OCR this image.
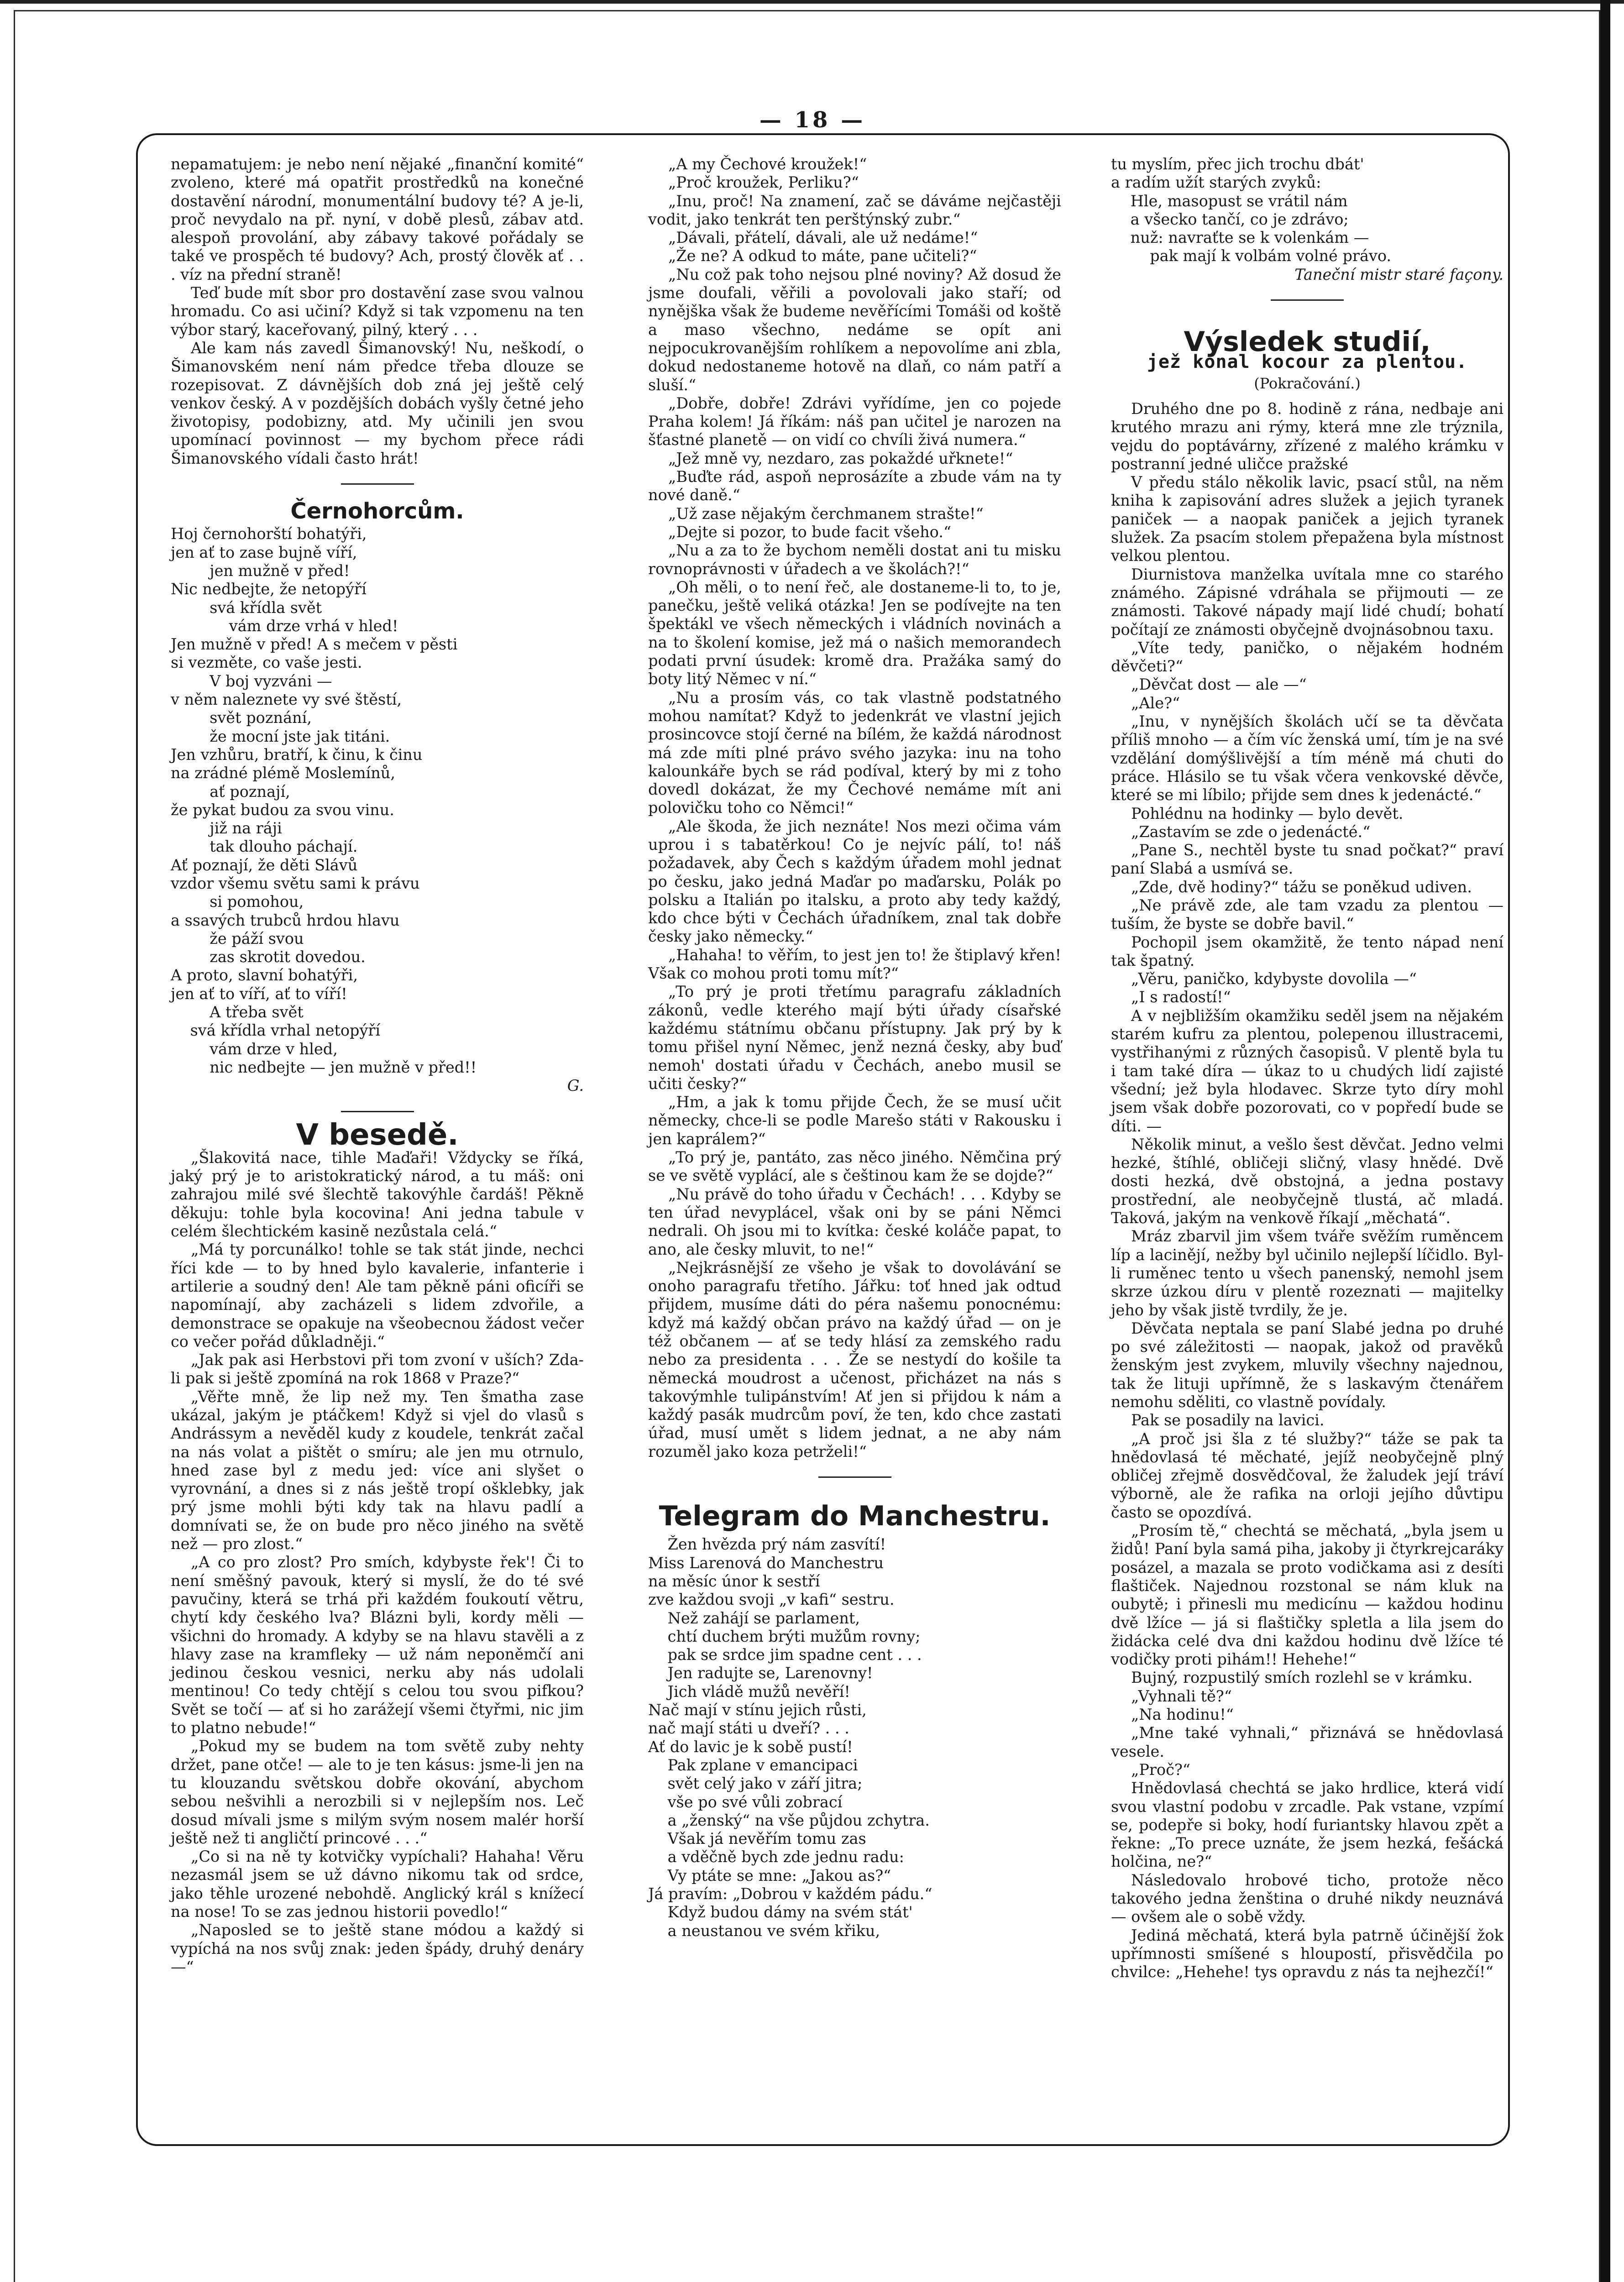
— 18 —

nepamatujem: je nebo není nějaké „finanční komité“ zvoleno, které má opatřit prostředků na konečné dostavění národní, monumentální budovy té? A je-li, proč nevydalo na př. nyní, v době plesů, zábav atd. alespoň provolání, aby zábavy takové pořádaly se také ve prospěch té budovy? Ach, prostý člověk ať . . . víz na přední straně!

Teď bude mít sbor pro dostavění zase svou valnou hromadu. Co asi učiní? Když si tak vzpomenu na ten výbor starý, kaceřovaný, pilný, který . . .

Ale kam nás zavedl Šimanovský! Nu, neškodí, o Šimanovském není nám předce třeba dlouze se rozepisovat. Z dávnějších dob zná jej ještě celý venkov český. A v pozdějších dobách vyšly četné jeho životopisy, podobizny, atd. My učinili jen svou upomínací povinnost — my bychom přece rádi Šimanovského vídali často hrát!

Černohorcům.
Hoj černohorští bohatýři,
jen ať to zase bujně víří,
jen mužně v před!
Nic nedbejte, že netopýří
svá křídla svět
vám drze vrhá v hled!
Jen mužně v před! A s mečem v pěsti
si vezměte, co vaše jesti.
V boj vyzváni —
v něm naleznete vy své štěstí,
svět poznání,
že mocní jste jak titáni.
Jen vzhůru, bratří, k činu, k činu
na zrádné plémě Moslemínů,
ať poznají,
že pykat budou za svou vinu.
již na ráji
tak dlouho páchají.
Ať poznají, že děti Slávů
vzdor všemu světu sami k právu
si pomohou,
a ssavých trubců hrdou hlavu
že páží svou
zas skrotit dovedou.
A proto, slavní bohatýři,
jen ať to víří, ať to víří!
A třeba svět
svá křídla vrhal netopýří
vám drze v hled,
nic nedbejte — jen mužně v před!!
G.
V besedě.

„Šlakovitá nace, tihle Maďaři! Vždycky se říká, jaký prý je to aristokratický národ, a tu máš: oni zahrajou milé své šlechtě takovýhle čardáš! Pěkně děkuju: tohle byla kocovina! Ani jedna tabule v celém šlechtickém kasině nezůstala celá.“

„Má ty porcunálko! tohle se tak stát jinde, nechci říci kde — to by hned bylo kavalerie, infanterie i artilerie a soudný den! Ale tam pěkně páni oficíři se napomínají, aby zacházeli s lidem zdvořile, a demonstrace se opakuje na všeobecnou žádost večer co večer pořád důkladněji.“

„Jak pak asi Herbstovi při tom zvoní v uších? Zda-li pak si ještě zpomíná na rok 1868 v Praze?“

„Věřte mně, že lip než my. Ten šmatha zase ukázal, jakým je ptáčkem! Když si vjel do vlasů s Andrássym a nevěděl kudy z koudele, tenkrát začal na nás volat a pištět o smíru; ale jen mu otrnulo, hned zase byl z medu jed: více ani slyšet o vyrovnání, a dnes si z nás ještě tropí ošklebky, jak prý jsme mohli býti kdy tak na hlavu padlí a domnívati se, že on bude pro něco jiného na světě než — pro zlost.“

„A co pro zlost? Pro smích, kdybyste řek'! Či to není směšný pavouk, který si myslí, že do té své pavučiny, která se trhá při každém foukoutí větru, chytí kdy českého lva? Blázni byli, kordy měli — všichni do hromady. A kdyby se na hlavu stavěli a z hlavy zase na kramfleky — už nám neponěmčí ani jedinou českou vesnici, nerku aby nás udolali mentinou! Co tedy chtějí s celou tou svou pifkou? Svět se točí — ať si ho zarážejí všemi čtyřmi, nic jim to platno nebude!“

„Pokud my se budem na tom světě zuby nehty držet, pane otče! — ale to je ten kásus: jsme-li jen na tu klouzandu světskou dobře okování, abychom sebou nešvihli a nerozbili si v nejlepším nos. Leč dosud mívali jsme s milým svým nosem malér horší ještě než ti angličtí princové . . .“

„Co si na ně ty kotvičky vypíchali? Hahaha! Věru nezasmál jsem se už dávno nikomu tak od srdce, jako těhle urozené nebohdě. Anglický král s knížecí na nose! To se zas jednou historii povedlo!“

„Naposled se to ještě stane módou a každý si vypíchá na nos svůj znak: jeden špády, druhý denáry —“

„A my Čechové kroužek!“

„Proč kroužek, Perliku?“

„Inu, proč! Na znamení, zač se dáváme nejčastěji vodit, jako tenkrát ten perštýnský zubr.“

„Dávali, přátelí, dávali, ale už nedáme!“

„Že ne? A odkud to máte, pane učiteli?“

„Nu což pak toho nejsou plné noviny? Až dosud že jsme doufali, věřili a povolovali jako staří; od nynějška však že budeme nevěřícími Tomáši od koště a maso všechno, nedáme se opít ani nejpocukrovanějším rohlíkem a nepovolíme ani zbla, dokud nedostaneme hotově na dlaň, co nám patří a sluší.“

„Dobře, dobře! Zdrávi vyřídíme, jen co pojede Praha kolem! Já říkám: náš pan učitel je narozen na šťastné planetě — on vidí co chvíli živá numera.“

„Jež mně vy, nezdaro, zas pokaždé uřknete!“

„Buďte rád, aspoň neprosázíte a zbude vám na ty nové daně.“

„Už zase nějakým čerchmanem strašte!“

„Dejte si pozor, to bude facit všeho.“

„Nu a za to že bychom neměli dostat ani tu misku rovnoprávnosti v úřadech a ve školách?!“

„Oh měli, o to není řeč, ale dostaneme-li to, to je, panečku, ještě veliká otázka! Jen se podívejte na ten špektákl ve všech německých i vládních novinách a na to školení komise, jež má o našich memorandech podati první úsudek: kromě dra. Pražáka samý do boty litý Němec v ní.“

„Nu a prosím vás, co tak vlastně podstatného mohou namítat? Když to jedenkrát ve vlastní jejich prosincovce stojí černé na bílém, že každá národnost má zde míti plné právo svého jazyka: inu na toho kalounkáře bych se rád podíval, který by mi z toho dovedl dokázat, že my Čechové nemáme mít ani polovičku toho co Němci!“

„Ale škoda, že jich neznáte! Nos mezi očima vám uprou i s tabatěrkou! Co je nejvíc pálí, to! náš požadavek, aby Čech s každým úřadem mohl jednat po česku, jako jedná Maďar po maďarsku, Polák po polsku a Italián po italsku, a proto aby tedy každý, kdo chce býti v Čechách úřadníkem, znal tak dobře česky jako německy.“

„Hahaha! to věřím, to jest jen to! že štiplavý křen! Však co mohou proti tomu mít?“

„To prý je proti třetímu paragrafu základních zákonů, vedle kterého mají býti úřady císařské každému státnímu občanu přístupny. Jak prý by k tomu přišel nyní Němec, jenž nezná česky, aby buď nemoh' dostati úřadu v Čechách, anebo musil se učiti česky?“

„Hm, a jak k tomu přijde Čech, že se musí učit německy, chce-li se podle Marešo státi v Rakousku i jen kaprálem?“

„To prý je, pantáto, zas něco jiného. Němčina prý se ve světě vyplácí, ale s češtinou kam že se dojde?“

„Nu právě do toho úřadu v Čechách! . . . Kdyby se ten úřad nevyplácel, však oni by se páni Němci nedrali. Oh jsou mi to kvítka: české koláče papat, to ano, ale česky mluvit, to ne!“

„Nejkrásnější ze všeho je však to dovolávání se onoho paragrafu třetího. Jářku: toť hned jak odtud přijdem, musíme dáti do péra našemu ponocnému: když má každý občan právo na každý úřad — on je též občanem — ať se tedy hlásí za zemského radu nebo za presidenta . . . Že se nestydí do košile ta německá moudrost a učenost, přicházet na nás s takovýmhle tulipánstvím! Ať jen si přijdou k nám a každý pasák mudrcům poví, že ten, kdo chce zastati úřad, musí umět s lidem jednat, a ne aby nám rozuměl jako koza petrželi!“

Telegram do Manchestru.
Žen hvězda prý nám zasvítí!
Miss Larenová do Manchestru
na měsíc únor k sestří
zve každou svoji „v kafi“ sestru.
Než zahájí se parlament,
chtí duchem brýti mužům rovny;
pak se srdce jim spadne cent . . .
Jen radujte se, Larenovny!
Jich vládě mužů nevěří!
Nač mají v stínu jejich růsti,
nač mají státi u dveří? . . .
Ať do lavic je k sobě pustí!
Pak zplane v emancipaci
svět celý jako v září jitra;
vše po své vůli zobrací
a „ženský“ na vše půjdou zchytra.
Však já nevěřím tomu zas
a vděčně bych zde jednu radu:
Vy ptáte se mne: „Jakou as?“
Já pravím: „Dobrou v každém pádu.“
Když budou dámy na svém stát'
a neustanou ve svém křiku,
tu myslím, přec jich trochu dbát'
a radím užít starých zvyků:
Hle, masopust se vrátil nám
a všecko tančí, co je zdrávo;
nuž: navraťte se k volenkám —
pak mají k volbám volné právo.
Taneční mistr staré façony.
Výsledek studií,
jež konal kocour za plentou.
(Pokračování.)

Druhého dne po 8. hodině z rána, nedbaje ani krutého mrazu ani rýmy, která mne zle trýznila, vejdu do poptávárny, zřízené z malého krámku v postranní jedné uličce pražské

V předu stálo několik lavic, psací stůl, na něm kniha k zapisování adres služek a jejich tyranek paniček — a naopak paniček a jejich tyranek služek. Za psacím stolem přepažena byla místnost velkou plentou.

Diurnistova manželka uvítala mne co starého známého. Zápisné vdráhala se přijmouti — ze známosti. Takové nápady mají lidé chudí; bohatí počítají ze známosti obyčejně dvojnásobnou taxu.

„Víte tedy, paničko, o nějakém hodném děvčeti?“

„Děvčat dost — ale —“

„Ale?“

„Inu, v nynějších školách učí se ta děvčata příliš mnoho — a čím víc ženská umí, tím je na své vzdělání domýšlivější a tím méně má chuti do práce. Hlásilo se tu však včera venkovské děvče, které se mi líbilo; přijde sem dnes k jedenácté.“

Pohlédnu na hodinky — bylo devět.

„Zastavím se zde o jedenácté.“

„Pane S., nechtěl byste tu snad počkat?“ praví paní Slabá a usmívá se.

„Zde, dvě hodiny?“ tážu se poněkud udiven.

„Ne právě zde, ale tam vzadu za plentou — tuším, že byste se dobře bavil.“

Pochopil jsem okamžitě, že tento nápad není tak špatný.

„Věru, paničko, kdybyste dovolila —“

„I s radostí!“

A v nejbližším okamžiku seděl jsem na nějakém starém kufru za plentou, polepenou illustracemi, vystřihanými z různých časopisů. V plentě byla tu i tam také díra — úkaz to u chudých lidí zajisté všední; jež byla hlodavec. Skrze tyto díry mohl jsem však dobře pozorovati, co v popředí bude se díti. —

Několik minut, a vešlo šest děvčat. Jedno velmi hezké, štíhlé, obličeji sličný, vlasy hnědé. Dvě dosti hezká, dvě obstojná, a jedna postavy prostřední, ale neobyčejně tlustá, ač mladá. Taková, jakým na venkově říkají „měchatá“.

Mráz zbarvil jim všem tváře svěžím ruměncem líp a lacinějí, nežby byl učinilo nejlepší líčidlo. Byl-li ruměnec tento u všech panenský, nemohl jsem skrze úzkou díru v plentě rozeznati — majitelky jeho by však jistě tvrdily, že je.

Děvčata neptala se paní Slabé jedna po druhé po své záležitosti — naopak, jakož od pravěků ženským jest zvykem, mluvily všechny najednou, tak že lituji upřímně, že s laskavým čtenářem nemohu sděliti, co vlastně povídaly.

Pak se posadily na lavici.

„A proč jsi šla z té služby?“ táže se pak ta hnědovlasá té měchaté, jejíž neobyčejně plný obličej zřejmě dosvědčoval, že žaludek její tráví výborně, ale že rafika na orloji jejího důvtipu často se opozdívá.

„Prosím tě,“ chechtá se měchatá, „byla jsem u židů! Paní byla samá piha, jakoby ji čtyrkrejcaráky posázel, a mazala se proto vodičkama asi z desíti flaštiček. Najednou rozstonal se nám kluk na oubytě; i přinesli mu medicínu — každou hodinu dvě lžíce — já si flaštičky spletla a lila jsem do židácka celé dva dni každou hodinu dvě lžíce té vodičky proti pihám!! Hehehe!“

Bujný, rozpustilý smích rozlehl se v krámku.

„Vyhnali tě?“

„Na hodinu!“

„Mne také vyhnali,“ přiznává se hnědovlasá vesele.

„Proč?“

Hnědovlasá chechtá se jako hrdlice, která vidí svou vlastní podobu v zrcadle. Pak vstane, vzpímí se, podepře si boky, hodí furiantsky hlavou zpět a řekne: „To prece uznáte, že jsem hezká, fešácká holčina, ne?“

Následovalo hrobové ticho, protože něco takového jedna ženština o druhé nikdy neuznává — ovšem ale o sobě vždy.

Jediná měchatá, která byla patrně účinější žok upřímnosti smíšené s hloupostí, přisvědčila po chvilce: „Hehehe! tys opravdu z nás ta nejhezčí!“
